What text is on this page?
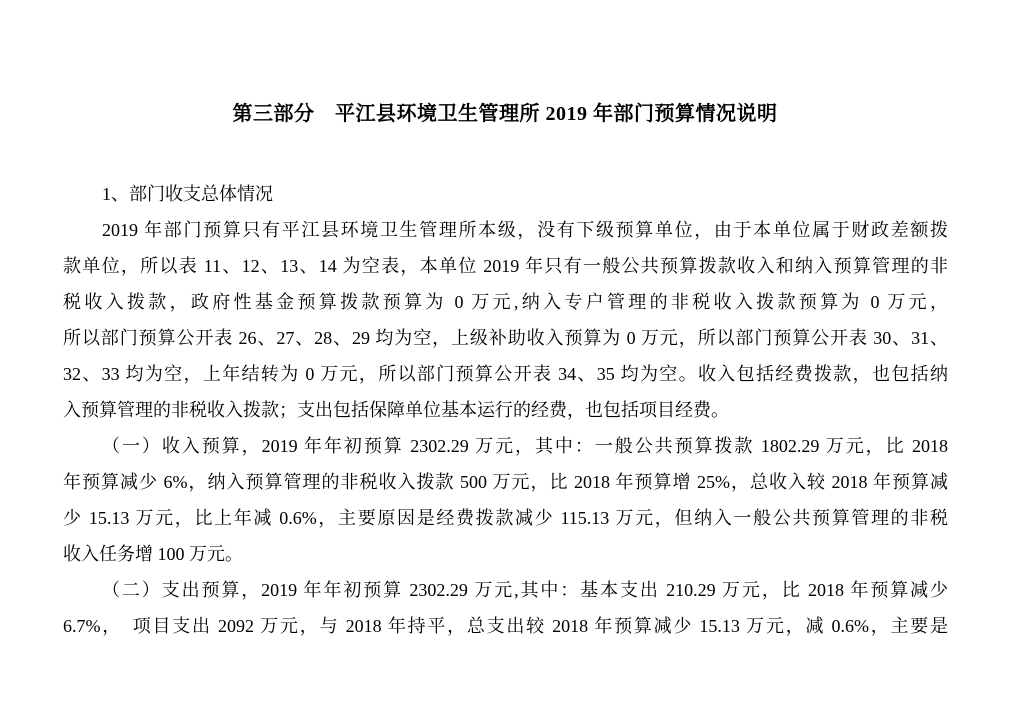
第三部分　平江县环境卫生管理所 2019 年部门预算情况说明
1、部门收支总体情况
2019 年部门预算只有平江县环境卫生管理所本级，没有下级预算单位，由于本单位属于财政差额拨
款单位，所以表 11、12、13、14 为空表，本单位 2019 年只有一般公共预算拨款收入和纳入预算管理的非
税收入拨款，政府性基金预算拨款预算为 0 万元,纳入专户管理的非税收入拨款预算为 0 万元，
所以部门预算公开表 26、27、28、29 均为空，上级补助收入预算为 0 万元，所以部门预算公开表 30、31、
32、33 均为空，上年结转为 0 万元，所以部门预算公开表 34、35 均为空。收入包括经费拨款，也包括纳
入预算管理的非税收入拨款；支出包括保障单位基本运行的经费，也包括项目经费。
（一）收入预算，2019 年年初预算 2302.29 万元，其中：一般公共预算拨款 1802.29 万元，比 2018
年预算减少 6%，纳入预算管理的非税收入拨款 500 万元，比 2018 年预算增 25%，总收入较 2018 年预算减
少 15.13 万元，比上年减 0.6%，主要原因是经费拨款减少 115.13 万元，但纳入一般公共预算管理的非税
收入任务增 100 万元。
（二）支出预算，2019 年年初预算 2302.29 万元,其中：基本支出 210.29 万元，比 2018 年预算减少
6.7%，　项目支出 2092 万元，与 2018 年持平，总支出较 2018 年预算减少 15.13 万元，减 0.6%，主要是
